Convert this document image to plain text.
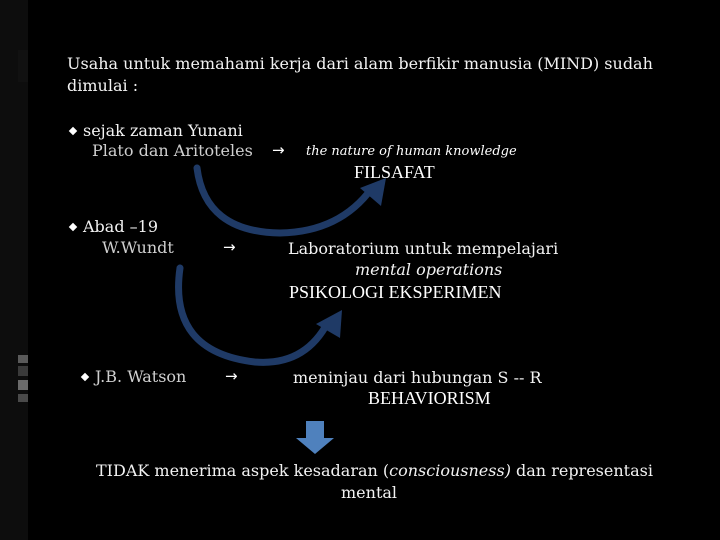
Usaha untuk memahami kerja dari alam berfikir manusia (MIND) sudah
dimulai :
sejak zaman Yunani
Plato dan Aritoteles → the nature of human knowledge
FILSAFAT
Abad –19
W.Wundt	→	Laboratorium untuk mempelajari
mental operations
PSIKOLOGI EKSPERIMEN
J.B. Watson	→	meninjau dari hubungan S -- R
BEHAVIORISM
TIDAK menerima aspek kesadaran (consciousness) dan representasi
mental
